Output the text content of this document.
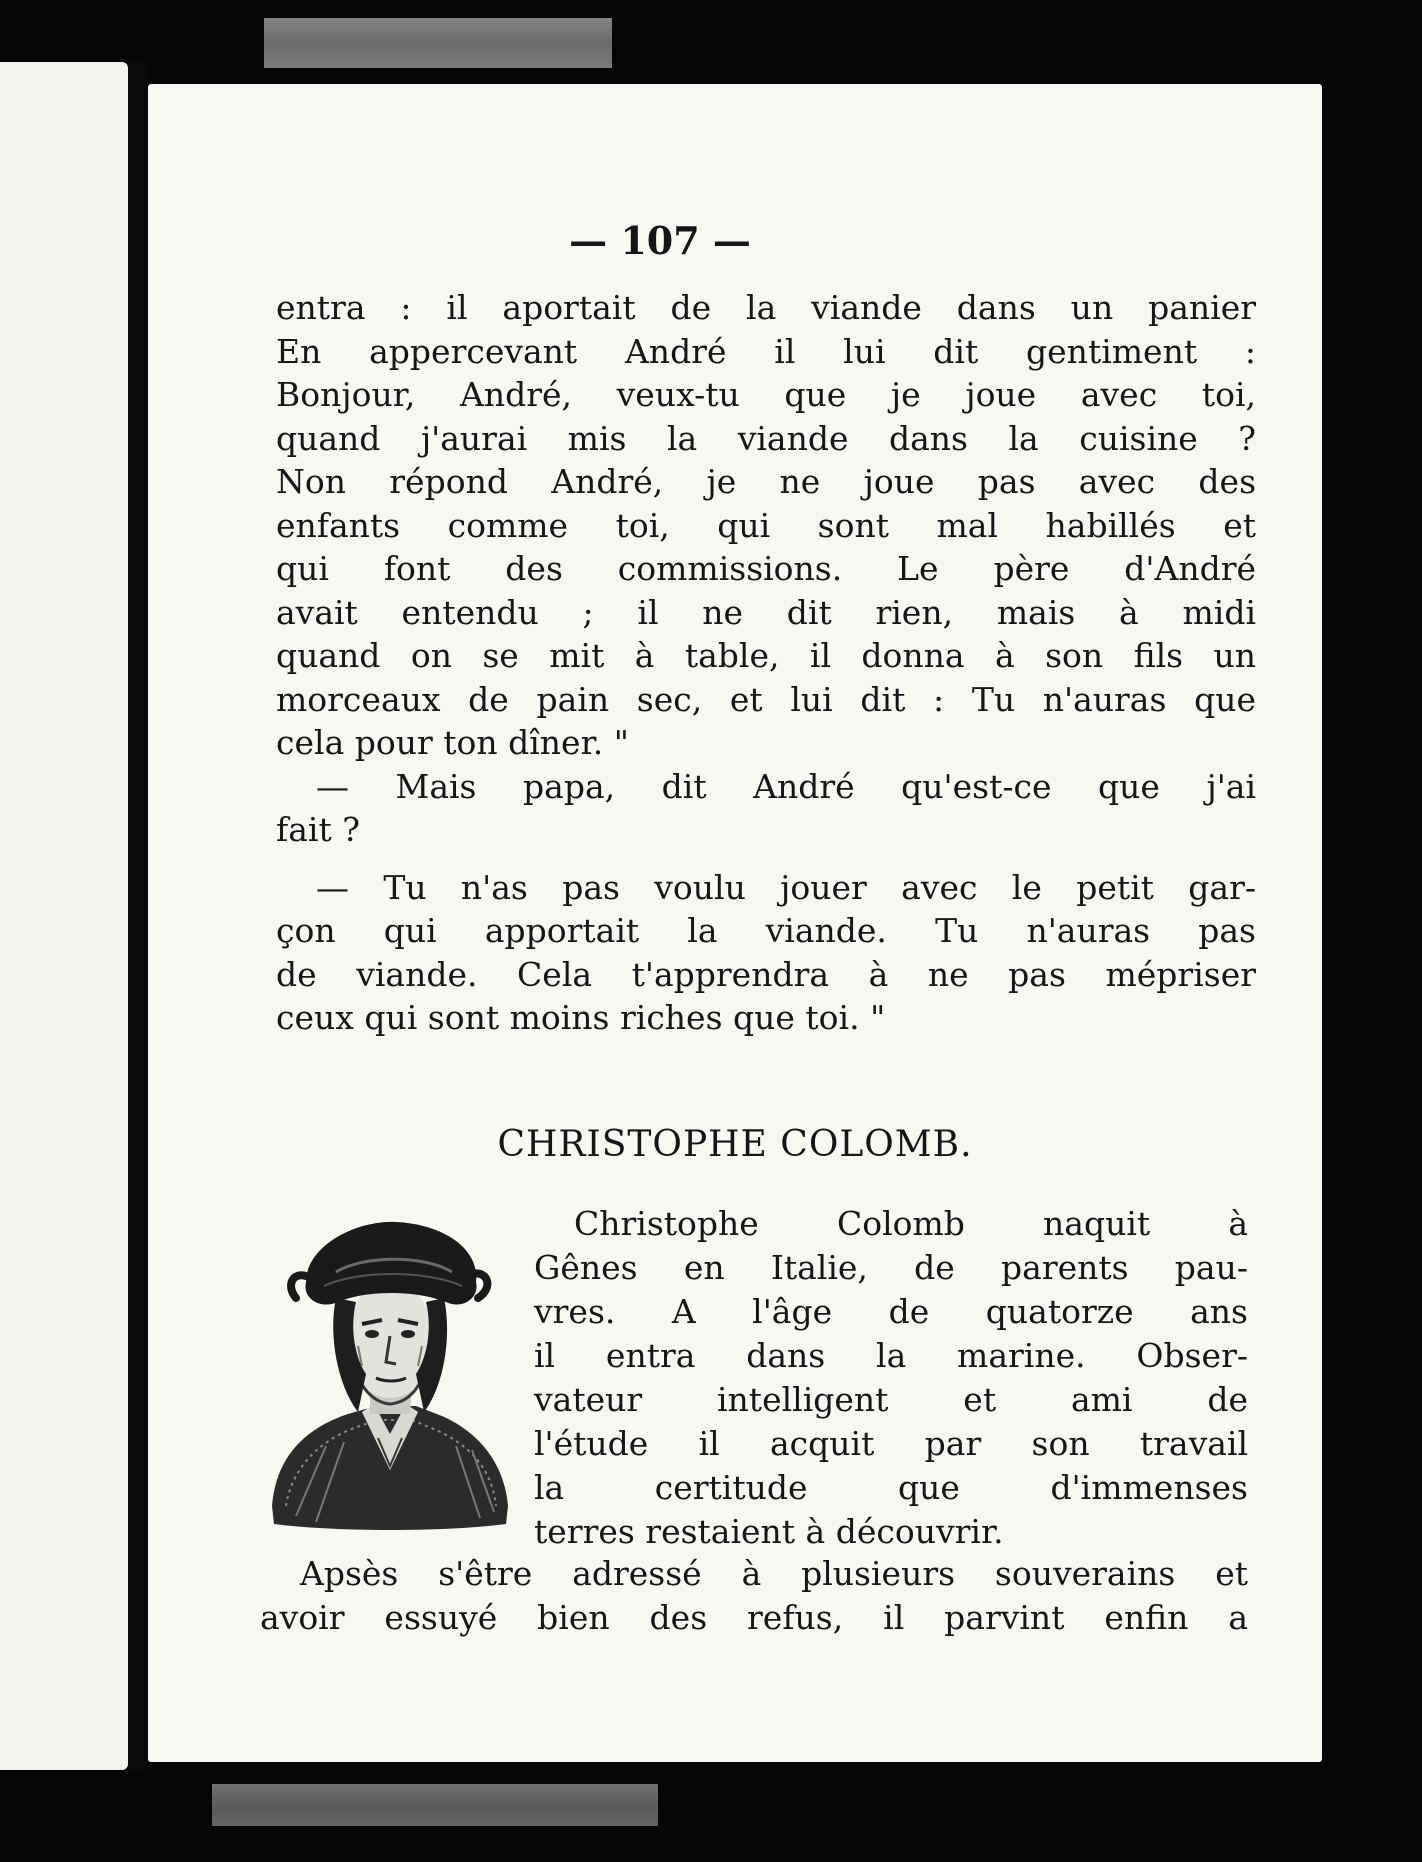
— 107 —
entra : il aportait de la viande dans un panier
En appercevant André il lui dit gentiment :
Bonjour, André, veux-tu que je joue avec toi,
quand j'aurai mis la viande dans la cuisine ?
Non répond André, je ne joue pas avec des
enfants comme toi, qui sont mal habillés et
qui font des commissions. Le père d'André
avait entendu ; il ne dit rien, mais à midi
quand on se mit à table, il donna à son fils un
morceaux de pain sec, et lui dit : Tu n'auras que
cela pour ton dîner. "
— Mais papa, dit André qu'est-ce que j'ai
fait ?
— Tu n'as pas voulu jouer avec le petit gar-
çon qui apportait la viande. Tu n'auras pas
de viande. Cela t'apprendra à ne pas mépriser
ceux qui sont moins riches que toi. "
CHRISTOPHE COLOMB.
Christophe Colomb naquit à
Gênes en Italie, de parents pau-
vres. A l'âge de quatorze ans
il entra dans la marine. Obser-
vateur intelligent et ami de
l'étude il acquit par son travail
la certitude que d'immenses
terres restaient à découvrir.
Apsès s'être adressé à plusieurs souverains et
avoir essuyé bien des refus, il parvint enfin a
